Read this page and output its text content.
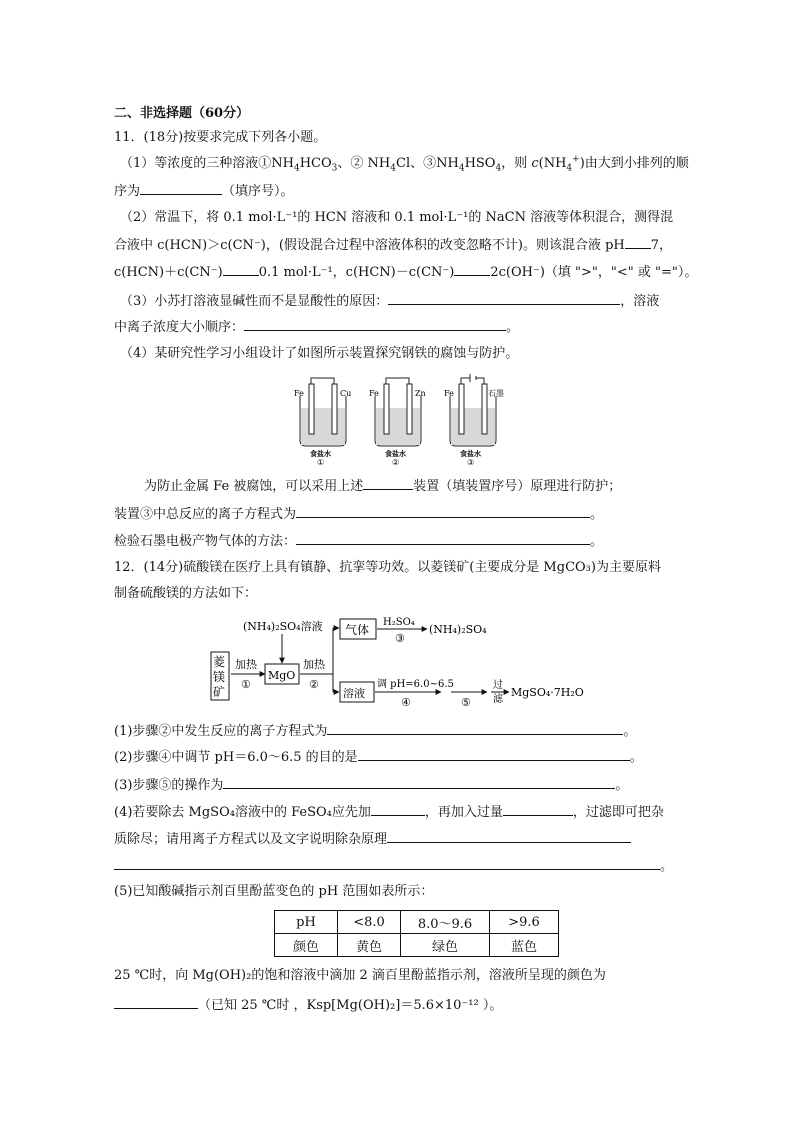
二、非选择题（60分）
11．(18分)按要求完成下列各小题。
（1）等浓度的三种溶液$①NH_4HCO_3$、② $NH_4Cl$、$③NH_4HSO_4$，则 $c(NH_4^+)$由大到小排列的顺
序为	（填序号）。
（2）常温下，将 0.1 mol·L⁻¹的 HCN 溶液和 0.1 mol·L⁻¹的 NaCN 溶液等体积混合，测得混
合液中 c(HCN)＞c(CN⁻)，(假设混合过程中溶液体积的改变忽略不计)。则该混合液 pH 7，
c(HCN)＋c(CN⁻)	0.1 mol·L⁻¹，c(HCN)－c(CN⁻)	2c(OH⁻)（填 ">"，"<" 或 "="）。
（3）小苏打溶液显碱性而不是显酸性的原因：	，溶液
中离子浓度大小顺序：	。
（4）某研究性学习小组设计了如图所示装置探究钢铁的腐蚀与防护。
Fe	Cu
食盐水
①
Fe	Zn
食盐水
②
Fe	石墨
食盐水
③
为防止金属 Fe 被腐蚀，可以采用上述	装置（填装置序号）原理进行防护；
装置③中总反应的离子方程式为	。
检验石墨电极产物气体的方法：	。
12．(14分)硫酸镁在医疗上具有镇静、抗挛等功效。以菱镁矿(主要成分是 MgCO₃)为主要原料
制备硫酸镁的方法如下：
菱
镁
矿
加热
①
MgO
(NH₄)₂SO₄溶液
加热
②
气体
H₂SO₄
③
(NH₄)₂SO₄
溶液
调 pH=6.0~6.5
④	⑤
过
滤
MgSO₄·7H₂O
(1)步骤②中发生反应的离子方程式为	。
(2)步骤④中调节 pH＝6.0～6.5 的目的是	。
(3)步骤⑤的操作为	。
(4)若要除去 MgSO₄溶液中的 FeSO₄应先加	，再加入过量	，过滤即可把杂
质除尽；请用离子方程式以及文字说明除杂原理
。
(5)已知酸碱指示剂百里酚蓝变色的 pH 范围如表所示：
pH	<8.0	8.0～9.6	>9.6
颜色	黄色	绿色	蓝色
25 ℃时，向 Mg(OH)₂的饱和溶液中滴加 2 滴百里酚蓝指示剂，溶液所呈现的颜色为
（已知 25 ℃时 ，Ksp[Mg(OH)₂]＝5.6×10⁻¹² ）。
